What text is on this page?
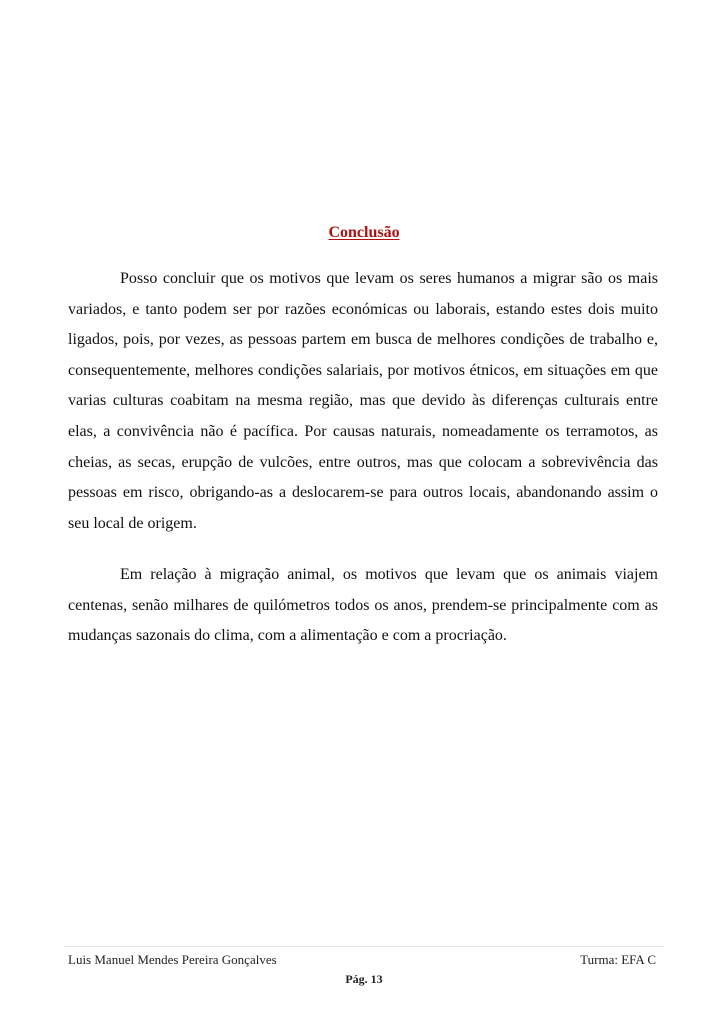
Conclusão

Posso concluir que os motivos que levam os seres humanos a migrar são os mais variados, e tanto podem ser por razões económicas ou laborais, estando estes dois muito ligados, pois, por vezes, as pessoas partem em busca de melhores condições de trabalho e, consequentemente, melhores condições salariais, por motivos étnicos, em situações em que varias culturas coabitam na mesma região, mas que devido às diferenças culturais entre elas, a convivência não é pacífica. Por causas naturais, nomeadamente os terramotos, as cheias, as secas, erupção de vulcões, entre outros, mas que colocam a sobrevivência das pessoas em risco, obrigando-as a deslocarem-se para outros locais, abandonando assim o seu local de origem.

Em relação à migração animal, os motivos que levam que os animais viajem centenas, senão milhares de quilómetros todos os anos, prendem-se principalmente com as mudanças sazonais do clima, com a alimentação e com a procriação.

Luis Manuel Mendes Pereira Gonçalves	Turma: EFA C
Pág. 13
